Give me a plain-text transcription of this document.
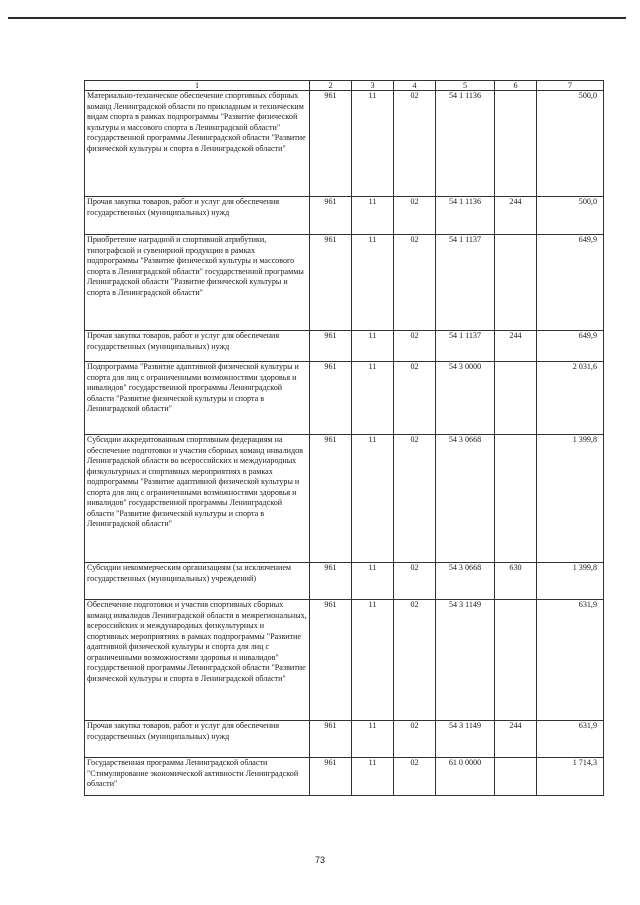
1	2	3	4	5	6	7
Материально-техническое обеспечение спортивных сборных команд Ленинградской области по прикладным и техническим видам спорта в рамках подпрограммы "Развитие физической культуры и массового спорта в Ленинградской области" государственной программы Ленинградской области "Развитие физической культуры и спорта в Ленинградской области"	961	11	02	54 1 1136		500,0
Прочая закупка товаров, работ и услуг для обеспечения государственных (муниципальных) нужд	961	11	02	54 1 1136	244	500,0
Приобретение наградной и спортивной атрибутики, типографской и сувенирной продукции в рамках подпрограммы "Развитие физической культуры и массового спорта в Ленинградской области" государственной программы Ленинградской области "Развитие физической культуры и спорта в Ленинградской области"	961	11	02	54 1 1137		649,9
Прочая закупка товаров, работ и услуг для обеспечения государственных (муниципальных) нужд	961	11	02	54 1 1137	244	649,9
Подпрограмма "Развитие адаптивной физической культуры и спорта для лиц с ограниченными возможностями здоровья и инвалидов" государственной программы Ленинградской области "Развитие физической культуры и спорта в Ленинградской области"	961	11	02	54 3 0000		2 031,6
Субсидии аккредитованным спортивным федерациям на обеспечение подготовки и участия сборных команд инвалидов Ленинградской области во всероссийских и международных физкультурных и спортивных мероприятиях в рамках подпрограммы "Развитие адаптивной физической культуры и спорта для лиц с ограниченными возможностями здоровья и инвалидов" государственной программы Ленинградской области "Развитие физической культуры и спорта в Ленинградской области"	961	11	02	54 3 0668		1 399,8
Субсидии некоммерческим организациям (за исключением государственных (муниципальных) учреждений)	961	11	02	54 3 0668	630	1 399,8
Обеспечение подготовки и участия спортивных сборных команд инвалидов Ленинградской области в межрегиональных, всероссийских и международных физкультурных и спортивных мероприятиях в рамках подпрограммы "Развитие адаптивной физической культуры и спорта для лиц с ограниченными возможностями здоровья и инвалидов" государственной программы Ленинградской области "Развитие физической культуры и спорта в Ленинградской области"	961	11	02	54 3 1149		631,9
Прочая закупка товаров, работ и услуг для обеспечения государственных (муниципальных) нужд	961	11	02	54 3 1149	244	631,9
Государственная программа Ленинградской области "Стимулирование экономической активности Ленинградской области"	961	11	02	61 0 0000		1 714,3
73
